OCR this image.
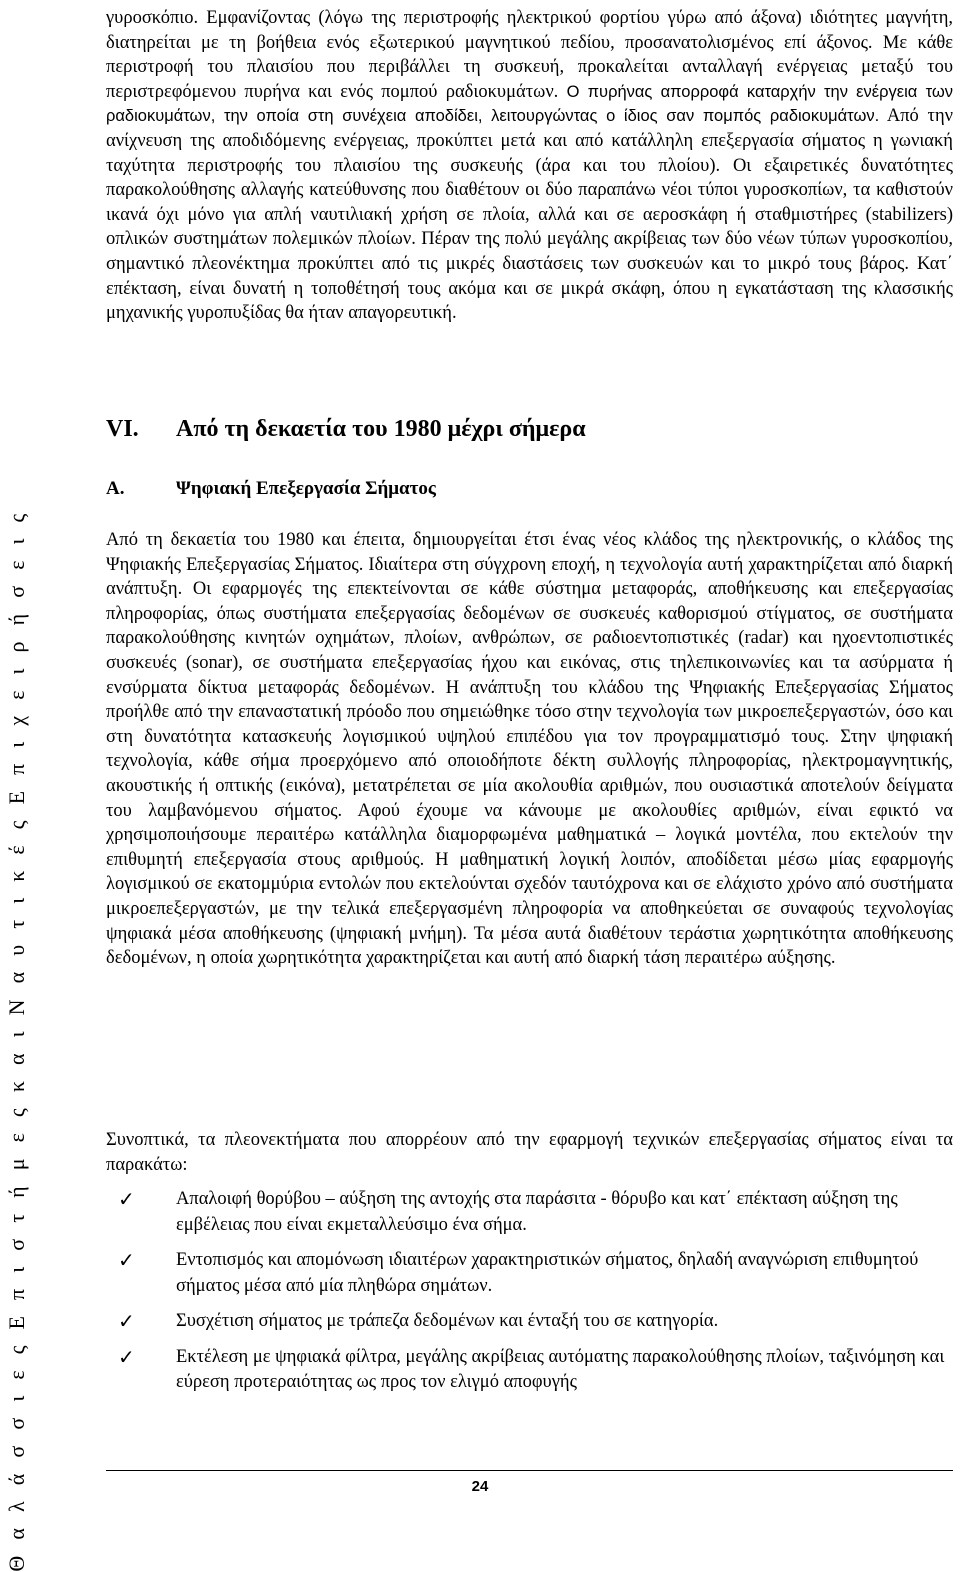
Θ α λ ά σ σ ι ε ς Ε π ι σ τ ή μ ε ς κ α ι Ν α υ τ ι κ έ ς Ε π ι χ ε ι ρ ή σ ε ι ς

γυροσκόπιο. Εμφανίζοντας (λόγω της περιστροφής ηλεκτρικού φορτίου γύρω από άξονα) ιδιότητες μαγνήτη, διατηρείται με τη βοήθεια ενός εξωτερικού μαγνητικού πεδίου, προσανατολισμένος επί άξονος. Με κάθε περιστροφή του πλαισίου που περιβάλλει τη συσκευή, προκαλείται ανταλλαγή ενέργειας μεταξύ του περιστρεφόμενου πυρήνα και ενός πομπού ραδιοκυμάτων. Ο πυρήνας απορροφά καταρχήν την ενέργεια των ραδιοκυμάτων, την οποία στη συνέχεια αποδίδει, λειτουργώντας ο ίδιος σαν πομπός ραδιοκυμάτων. Από την ανίχνευση της αποδιδόμενης ενέργειας, προκύπτει μετά και από κατάλληλη επεξεργασία σήματος η γωνιακή ταχύτητα περιστροφής του πλαισίου της συσκευής (άρα και του πλοίου). Οι εξαιρετικές δυνατότητες παρακολούθησης αλλαγής κατεύθυνσης που διαθέτουν οι δύο παραπάνω νέοι τύποι γυροσκοπίων, τα καθιστούν ικανά όχι μόνο για απλή ναυτιλιακή χρήση σε πλοία, αλλά και σε αεροσκάφη ή σταθμιστήρες (stabilizers) οπλικών συστημάτων πολεμικών πλοίων. Πέραν της πολύ μεγάλης ακρίβειας των δύο νέων τύπων γυροσκοπίου, σημαντικό πλεονέκτημα προκύπτει από τις μικρές διαστάσεις των συσκευών και το μικρό τους βάρος. Κατ΄ επέκταση, είναι δυνατή η τοποθέτησή τους ακόμα και σε μικρά σκάφη, όπου η εγκατάσταση της κλασσικής μηχανικής γυροπυξίδας θα ήταν απαγορευτική.

Από τη δεκαετία του 1980 και έπειτα, δημιουργείται έτσι ένας νέος κλάδος της ηλεκτρονικής, ο κλάδος της Ψηφιακής Επεξεργασίας Σήματος. Ιδιαίτερα στη σύγχρονη εποχή, η τεχνολογία αυτή χαρακτηρίζεται από διαρκή ανάπτυξη. Οι εφαρμογές της επεκτείνονται σε κάθε σύστημα μεταφοράς, αποθήκευσης και επεξεργασίας πληροφορίας, όπως συστήματα επεξεργασίας δεδομένων σε συσκευές καθορισμού στίγματος, σε συστήματα παρακολούθησης κινητών οχημάτων, πλοίων, ανθρώπων, σε ραδιοεντοπιστικές (radar) και ηχοεντοπιστικές συσκευές (sonar), σε συστήματα επεξεργασίας ήχου και εικόνας, στις τηλεπικοινωνίες και τα ασύρματα ή ενσύρματα δίκτυα μεταφοράς δεδομένων. Η ανάπτυξη του κλάδου της Ψηφιακής Επεξεργασίας Σήματος προήλθε από την επαναστατική πρόοδο που σημειώθηκε τόσο στην τεχνολογία των μικροεπεξεργαστών, όσο και στη δυνατότητα κατασκευής λογισμικού υψηλού επιπέδου για τον προγραμματισμό τους. Στην ψηφιακή τεχνολογία, κάθε σήμα προερχόμενο από οποιοδήποτε δέκτη συλλογής πληροφορίας, ηλεκτρομαγνητικής, ακουστικής ή οπτικής (εικόνα), μετατρέπεται σε μία ακολουθία αριθμών, που ουσιαστικά αποτελούν δείγματα του λαμβανόμενου σήματος. Αφού έχουμε να κάνουμε με ακολουθίες αριθμών, είναι εφικτό να χρησιμοποιήσουμε περαιτέρω κατάλληλα διαμορφωμένα μαθηματικά – λογικά μοντέλα, που εκτελούν την επιθυμητή επεξεργασία στους αριθμούς. Η μαθηματική λογική λοιπόν, αποδίδεται μέσω μίας εφαρμογής λογισμικού σε εκατομμύρια εντολών που εκτελούνται σχεδόν ταυτόχρονα και σε ελάχιστο χρόνο από συστήματα μικροεπεξεργαστών, με την τελικά επεξεργασμένη πληροφορία να αποθηκεύεται σε συναφούς τεχνολογίας ψηφιακά μέσα αποθήκευσης (ψηφιακή μνήμη). Τα μέσα αυτά διαθέτουν τεράστια χωρητικότητα αποθήκευσης δεδομένων, η οποία χωρητικότητα χαρακτηρίζεται και αυτή από διαρκή τάση περαιτέρω αύξησης.

Συνοπτικά, τα πλεονεκτήματα που απορρέουν από την εφαρμογή τεχνικών επεξεργασίας σήματος είναι τα παρακάτω:

VI. Από τη δεκαετία του 1980 μέχρι σήμερα
Α.	Ψηφιακή Επεξεργασία Σήματος
✓ Απαλοιφή θορύβου – αύξηση της αντοχής στα παράσιτα - θόρυβο και κατ΄ επέκταση αύξηση της εμβέλειας που είναι εκμεταλλεύσιμο ένα σήμα.
✓ Εντοπισμός και απομόνωση ιδιαιτέρων χαρακτηριστικών σήματος, δηλαδή αναγνώριση επιθυμητού σήματος μέσα από μία πληθώρα σημάτων.
✓ Συσχέτιση σήματος με τράπεζα δεδομένων και ένταξή του σε κατηγορία.
✓ Εκτέλεση με ψηφιακά φίλτρα, μεγάλης ακρίβειας αυτόματης παρακολούθησης πλοίων, ταξινόμηση και εύρεση προτεραιότητας ως προς τον ελιγμό αποφυγής
24
